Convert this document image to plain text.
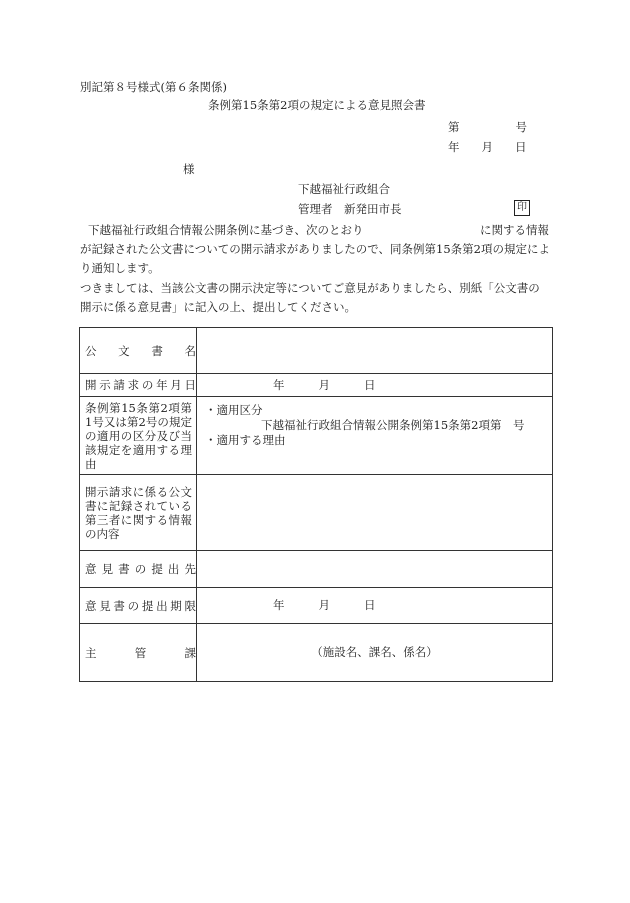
別記第８号様式(第６条関係)
条例第15条第2項の規定による意見照会書
第	号
年 月 日
様
下越福祉行政組合
管理者　新発田市長	印
下越福祉行政組合情報公開条例に基づき、次のとおり	に関する情報
が記録された公文書についての開示請求がありましたので、同条例第15条第2項の規定によ
り通知します。
つきましては、当該公文書の開示決定等についてご意見がありましたら、別紙「公文書の
開示に係る意見書」に記入の上、提出してください。
公文書名	
開示請求の年月日	年 月 日
条例第15条第2項第1号又は第2号の規定の適用の区分及び当該規定を適用する理由	・適用区分
下越福祉行政組合情報公開条例第15条第2項第　号
・適用する理由

開示請求に係る公文書に記録されている第三者に関する情報の内容	
意見書の提出先	
意見書の提出期限	年 月 日
主管課	（施設名、課名、係名）
